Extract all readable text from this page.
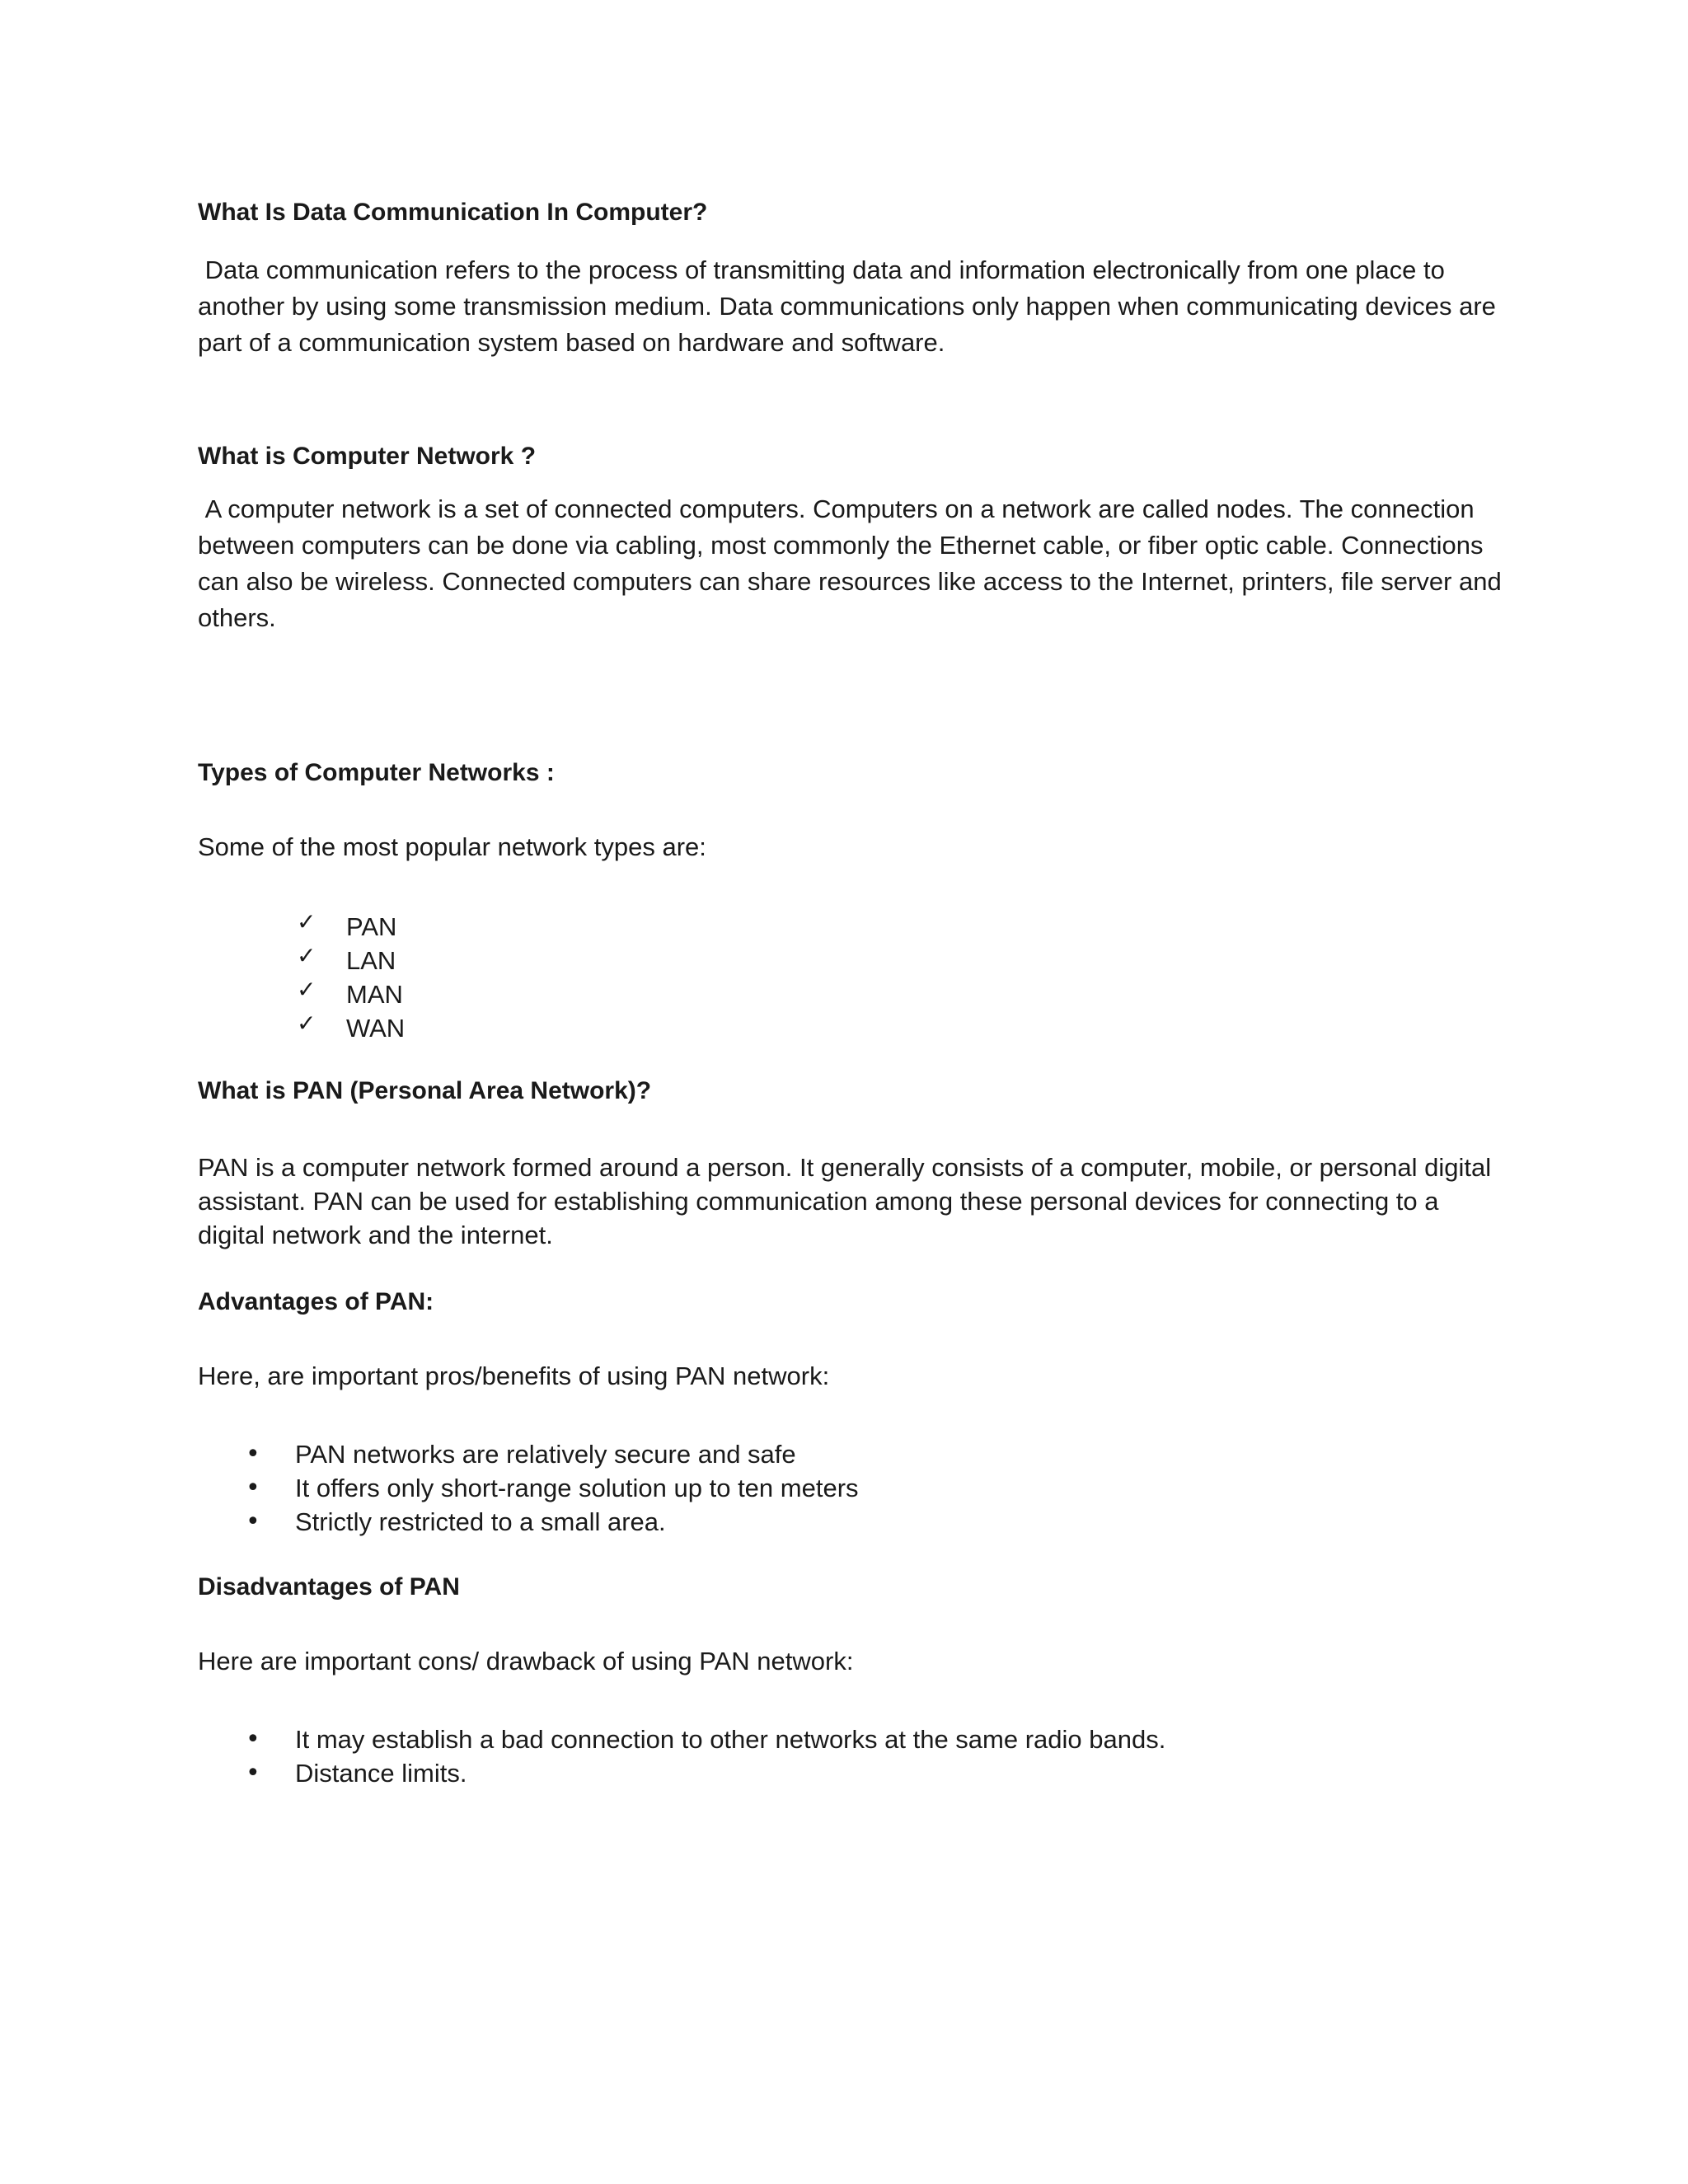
What Is Data Communication In Computer?

Data communication refers to the process of transmitting data and information electronically from one place to another by using some transmission medium. Data communications only happen when communicating devices are part of a communication system based on hardware and software.

What is Computer Network ?

A computer network is a set of connected computers. Computers on a network are called nodes. The connection between computers can be done via cabling, most commonly the Ethernet cable, or fiber optic cable. Connections can also be wireless. Connected computers can share resources like access to the Internet, printers, file server and others.

Types of Computer Networks :

Some of the most popular network types are:

✓ PAN
✓ LAN
✓ MAN
✓ WAN
What is PAN (Personal Area Network)?

PAN is a computer network formed around a person. It generally consists of a computer, mobile, or personal digital assistant. PAN can be used for establishing communication among these personal devices for connecting to a digital network and the internet.

Advantages of PAN:

Here, are important pros/benefits of using PAN network:

• PAN networks are relatively secure and safe
• It offers only short-range solution up to ten meters
• Strictly restricted to a small area.
Disadvantages of PAN

Here are important cons/ drawback of using PAN network:

• It may establish a bad connection to other networks at the same radio bands.
• Distance limits.
